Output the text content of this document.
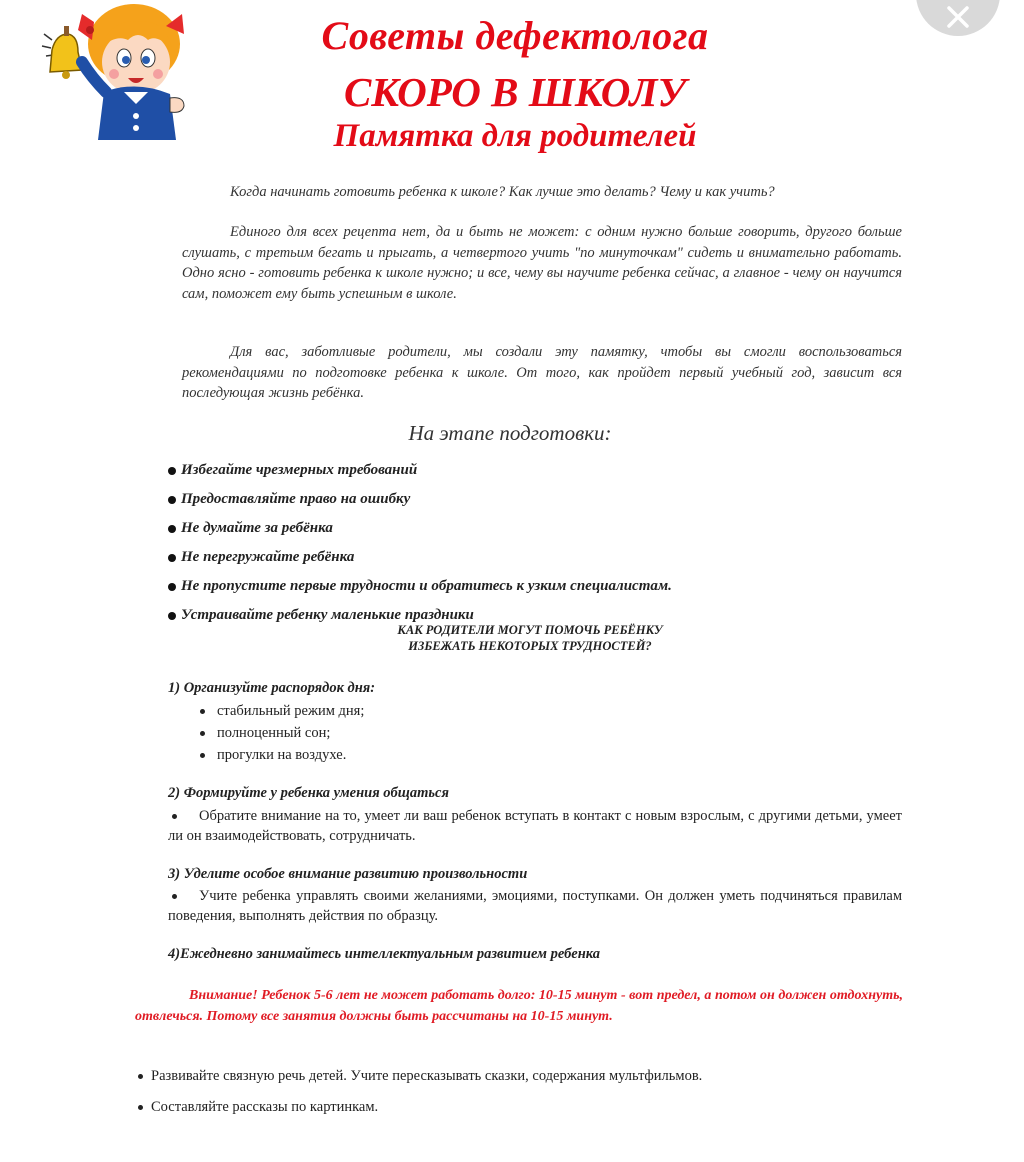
Советы дефектолога
СКОРО В ШКОЛУ
Памятка для родителей
Когда начинать готовить ребенка к школе? Как лучше это делать? Чему и как учить?
Единого для всех рецепта нет, да и быть не может: с одним нужно больше говорить, другого больше слушать, с третьим бегать и прыгать, а четвертого учить "по минуточкам" сидеть и внимательно работать. Одно ясно - готовить ребенка к школе нужно; и все, чему вы научите ребенка сейчас, а главное - чему он научится сам, поможет ему быть успешным в школе.
Для вас, заботливые родители, мы создали эту памятку, чтобы вы смогли воспользоваться рекомендациями по подготовке ребенка к школе. От того, как пройдет первый учебный год, зависит вся последующая жизнь ребёнка.
На этапе подготовки:
Избегайте чрезмерных требований
Предоставляйте право на ошибку
Не думайте за ребёнка
Не перегружайте ребёнка
Не пропустите первые трудности и обратитесь к узким специалистам.
Устраивайте ребенку маленькие праздники
КАК РОДИТЕЛИ МОГУТ ПОМОЧЬ РЕБЁНКУ
ИЗБЕЖАТЬ НЕКОТОРЫХ ТРУДНОСТЕЙ?
1) Организуйте распорядок дня:
стабильный режим дня;
полноценный сон;
прогулки на воздухе.
2) Формируйте у ребенка умения общаться
Обратите внимание на то, умеет ли ваш ребенок вступать в контакт с новым взрослым, с другими детьми, умеет ли он взаимодействовать, сотрудничать.
3) Уделите особое внимание развитию произвольности
Учите ребенка управлять своими желаниями, эмоциями, поступками. Он должен уметь подчиняться правилам поведения, выполнять действия по образцу.
4)Ежедневно занимайтесь интеллектуальным развитием ребенка
Внимание! Ребенок 5-6 лет не может работать долго: 10-15 минут - вот предел, а потом он должен отдохнуть, отвлечься. Потому все занятия должны быть рассчитаны на 10-15 минут.
Развивайте связную речь детей. Учите пересказывать сказки, содержания мультфильмов.
Составляйте рассказы по картинкам.
